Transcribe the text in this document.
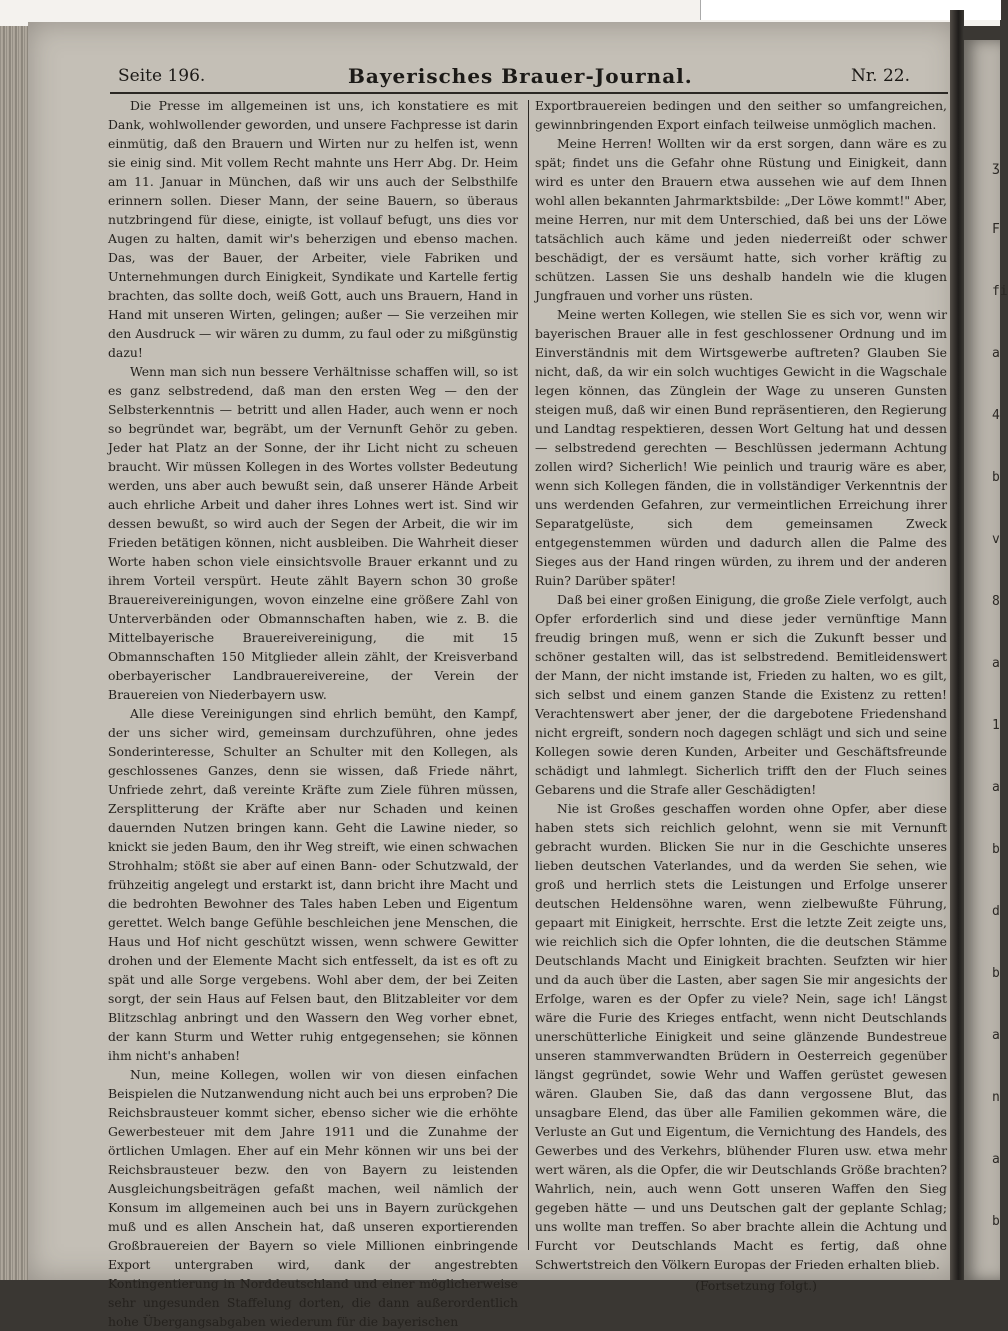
ʒ
F
fi
a
4
b
v
8
a
1
a
b
d
b
a
n
a
b
Seite 196.	Bayerisches Brauer-Journal.	Nr. 22.

Die Presse im allgemeinen ist uns, ich konstatiere es mit Dank, wohlwollender geworden, und unsere Fachpresse ist darin einmütig, daß den Brauern und Wirten nur zu helfen ist, wenn sie einig sind. Mit vollem Recht mahnte uns Herr Abg. Dr. Heim am 11. Januar in München, daß wir uns auch der Selbsthilfe erinnern sollen. Dieser Mann, der seine Bauern, so überaus nutzbringend für diese, einigte, ist vollauf befugt, uns dies vor Augen zu halten, damit wir's beherzigen und ebenso machen. Das, was der Bauer, der Arbeiter, viele Fabriken und Unternehmungen durch Einigkeit, Syndikate und Kartelle fertig brachten, das sollte doch, weiß Gott, auch uns Brauern, Hand in Hand mit unseren Wirten, gelingen; außer — Sie verzeihen mir den Ausdruck — wir wären zu dumm, zu faul oder zu mißgünstig dazu!

Wenn man sich nun bessere Verhältnisse schaffen will, so ist es ganz selbstredend, daß man den ersten Weg — den der Selbsterkenntnis — betritt und allen Hader, auch wenn er noch so begründet war, begräbt, um der Vernunft Gehör zu geben. Jeder hat Platz an der Sonne, der ihr Licht nicht zu scheuen braucht. Wir müssen Kollegen in des Wortes vollster Bedeutung werden, uns aber auch bewußt sein, daß unserer Hände Arbeit auch ehrliche Arbeit und daher ihres Lohnes wert ist. Sind wir dessen bewußt, so wird auch der Segen der Arbeit, die wir im Frieden betätigen können, nicht ausbleiben. Die Wahrheit dieser Worte haben schon viele einsichtsvolle Brauer erkannt und zu ihrem Vorteil verspürt. Heute zählt Bayern schon 30 große Brauereivereinigungen, wovon einzelne eine größere Zahl von Unterverbänden oder Obmannschaften haben, wie z. B. die Mittelbayerische Brauereivereinigung, die mit 15 Obmannschaften 150 Mitglieder allein zählt, der Kreisverband oberbayerischer Landbrauereivereine, der Verein der Brauereien von Niederbayern usw.

Alle diese Vereinigungen sind ehrlich bemüht, den Kampf, der uns sicher wird, gemeinsam durchzuführen, ohne jedes Sonderinteresse, Schulter an Schulter mit den Kollegen, als geschlossenes Ganzes, denn sie wissen, daß Friede nährt, Unfriede zehrt, daß vereinte Kräfte zum Ziele führen müssen, Zersplitterung der Kräfte aber nur Schaden und keinen dauernden Nutzen bringen kann. Geht die Lawine nieder, so knickt sie jeden Baum, den ihr Weg streift, wie einen schwachen Strohhalm; stößt sie aber auf einen Bann- oder Schutzwald, der frühzeitig angelegt und erstarkt ist, dann bricht ihre Macht und die bedrohten Bewohner des Tales haben Leben und Eigentum gerettet. Welch bange Gefühle beschleichen jene Menschen, die Haus und Hof nicht geschützt wissen, wenn schwere Gewitter drohen und der Elemente Macht sich entfesselt, da ist es oft zu spät und alle Sorge vergebens. Wohl aber dem, der bei Zeiten sorgt, der sein Haus auf Felsen baut, den Blitzableiter vor dem Blitzschlag anbringt und den Wassern den Weg vorher ebnet, der kann Sturm und Wetter ruhig entgegensehen; sie können ihm nicht's anhaben!

Nun, meine Kollegen, wollen wir von diesen einfachen Beispielen die Nutzanwendung nicht auch bei uns erproben? Die Reichsbrausteuer kommt sicher, ebenso sicher wie die erhöhte Gewerbesteuer mit dem Jahre 1911 und die Zunahme der örtlichen Umlagen. Eher auf ein Mehr können wir uns bei der Reichsbrausteuer bezw. den von Bayern zu leistenden Ausgleichungsbeiträgen gefaßt machen, weil nämlich der Konsum im allgemeinen auch bei uns in Bayern zurückgehen muß und es allen Anschein hat, daß unseren exportierenden Großbrauereien der Bayern so viele Millionen einbringende Export untergraben wird, dank der angestrebten Kontingentierung in Norddeutschland und einer möglicherweise sehr ungesunden Staffelung dorten, die dann außerordentlich hohe Übergangsabgaben wiederum für die bayerischen

Exportbrauereien bedingen und den seither so umfangreichen, gewinnbringenden Export einfach teilweise unmöglich machen.

Meine Herren! Wollten wir da erst sorgen, dann wäre es zu spät; findet uns die Gefahr ohne Rüstung und Einigkeit, dann wird es unter den Brauern etwa aussehen wie auf dem Ihnen wohl allen bekannten Jahrmarktsbilde: „Der Löwe kommt!" Aber, meine Herren, nur mit dem Unterschied, daß bei uns der Löwe tatsächlich auch käme und jeden niederreißt oder schwer beschädigt, der es versäumt hatte, sich vorher kräftig zu schützen. Lassen Sie uns deshalb handeln wie die klugen Jungfrauen und vorher uns rüsten.

Meine werten Kollegen, wie stellen Sie es sich vor, wenn wir bayerischen Brauer alle in fest geschlossener Ordnung und im Einverständnis mit dem Wirtsgewerbe auftreten? Glauben Sie nicht, daß, da wir ein solch wuchtiges Gewicht in die Wagschale legen können, das Zünglein der Wage zu unseren Gunsten steigen muß, daß wir einen Bund repräsentieren, den Regierung und Landtag respektieren, dessen Wort Geltung hat und dessen — selbstredend gerechten — Beschlüssen jedermann Achtung zollen wird? Sicherlich! Wie peinlich und traurig wäre es aber, wenn sich Kollegen fänden, die in vollständiger Verkenntnis der uns werdenden Gefahren, zur vermeintlichen Erreichung ihrer Separatgelüste, sich dem gemeinsamen Zweck entgegenstemmen würden und dadurch allen die Palme des Sieges aus der Hand ringen würden, zu ihrem und der anderen Ruin? Darüber später!

Daß bei einer großen Einigung, die große Ziele verfolgt, auch Opfer erforderlich sind und diese jeder vernünftige Mann freudig bringen muß, wenn er sich die Zukunft besser und schöner gestalten will, das ist selbstredend. Bemitleidenswert der Mann, der nicht imstande ist, Frieden zu halten, wo es gilt, sich selbst und einem ganzen Stande die Existenz zu retten! Verachtenswert aber jener, der die dargebotene Friedenshand nicht ergreift, sondern noch dagegen schlägt und sich und seine Kollegen sowie deren Kunden, Arbeiter und Geschäftsfreunde schädigt und lahmlegt. Sicherlich trifft den der Fluch seines Gebarens und die Strafe aller Geschädigten!

Nie ist Großes geschaffen worden ohne Opfer, aber diese haben stets sich reichlich gelohnt, wenn sie mit Vernunft gebracht wurden. Blicken Sie nur in die Geschichte unseres lieben deutschen Vaterlandes, und da werden Sie sehen, wie groß und herrlich stets die Leistungen und Erfolge unserer deutschen Heldensöhne waren, wenn zielbewußte Führung, gepaart mit Einigkeit, herrschte. Erst die letzte Zeit zeigte uns, wie reichlich sich die Opfer lohnten, die die deutschen Stämme Deutschlands Macht und Einigkeit brachten. Seufzten wir hier und da auch über die Lasten, aber sagen Sie mir angesichts der Erfolge, waren es der Opfer zu viele? Nein, sage ich! Längst wäre die Furie des Krieges entfacht, wenn nicht Deutschlands unerschütterliche Einigkeit und seine glänzende Bundestreue unseren stammverwandten Brüdern in Oesterreich gegenüber längst gegründet, sowie Wehr und Waffen gerüstet gewesen wären. Glauben Sie, daß das dann vergossene Blut, das unsagbare Elend, das über alle Familien gekommen wäre, die Verluste an Gut und Eigentum, die Vernichtung des Handels, des Gewerbes und des Verkehrs, blühender Fluren usw. etwa mehr wert wären, als die Opfer, die wir Deutschlands Größe brachten? Wahrlich, nein, auch wenn Gott unseren Waffen den Sieg gegeben hätte — und uns Deutschen galt der geplante Schlag; uns wollte man treffen. So aber brachte allein die Achtung und Furcht vor Deutschlands Macht es fertig, daß ohne Schwertstreich den Völkern Europas der Frieden erhalten blieb.

(Fortsetzung folgt.)
